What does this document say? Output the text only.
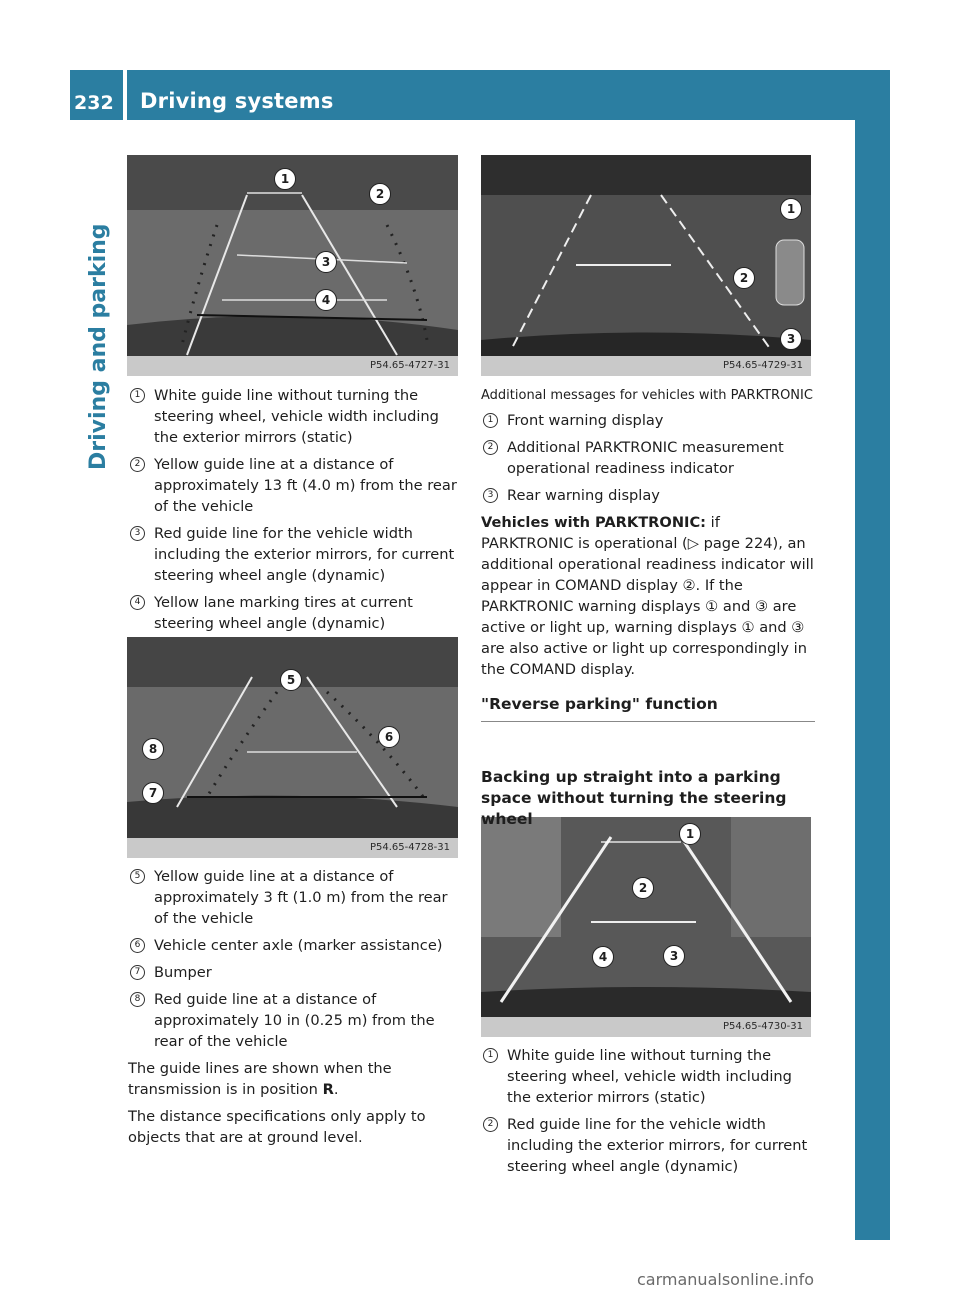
232 Driving systems
Driving and parking	P54.65-4727-31
1
2
3
4
P54.65-4729-31
1
2
3
P54.65-4728-31
5
6
7
8
P54.65-4730-31
1
2
3
4
1 White guide line without turning the steering wheel, vehicle width including the exterior mirrors (static)
2 Yellow guide line at a distance of approximately 13 ft (4.0 m) from the rear of the vehicle
3 Red guide line for the vehicle width including the exterior mirrors, for current steering wheel angle (dynamic)
4 Yellow lane marking tires at current steering wheel angle (dynamic)
5 Yellow guide line at a distance of approximately 3 ft (1.0 m) from the rear of the vehicle
6 Vehicle center axle (marker assistance)
7 Bumper
8 Red guide line at a distance of approximately 10 in (0.25 m) from the rear of the vehicle

The guide lines are shown when the transmission is in position R.

The distance specifications only apply to objects that are at ground level.

Additional messages for vehicles with PARKTRONIC

1 Front warning display
2 Additional PARKTRONIC measurement operational readiness indicator
3 Rear warning display

Vehicles with PARKTRONIC: if PARKTRONIC is operational (▷ page 224), an additional operational readiness indicator will appear in COMAND display ②. If the PARKTRONIC warning displays ① and ③ are active or light up, warning displays ① and ③ are also active or light up correspondingly in the COMAND display.

"Reverse parking" function
Backing up straight into a parking space without turning the steering wheel
1 White guide line without turning the steering wheel, vehicle width including the exterior mirrors (static)
2 Red guide line for the vehicle width including the exterior mirrors, for current steering wheel angle (dynamic)
carmanualsonline.info
